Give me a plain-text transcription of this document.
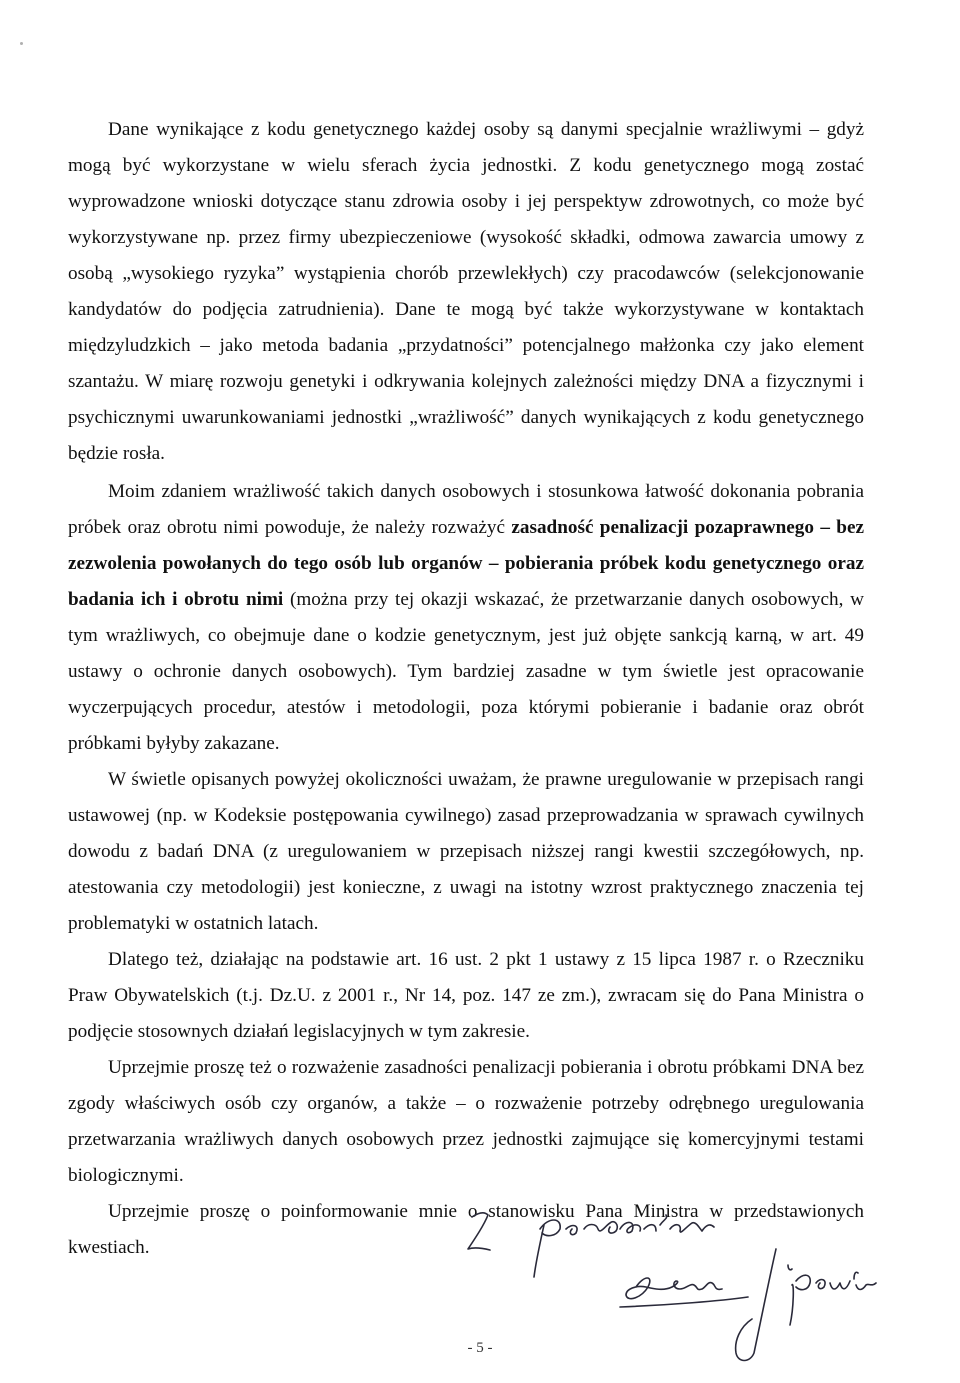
Dane wynikające z kodu genetycznego każdej osoby są danymi specjalnie wrażliwymi – gdyż mogą być wykorzystane w wielu sferach życia jednostki. Z kodu genetycznego mogą zostać wyprowadzone wnioski dotyczące stanu zdrowia osoby i jej perspektyw zdrowotnych, co może być wykorzystywane np. przez firmy ubezpieczeniowe (wysokość składki, odmowa zawarcia umowy z osobą „wysokiego ryzyka” wystąpienia chorób przewlekłych) czy pracodawców (selekcjonowanie kandydatów do podjęcia zatrudnienia). Dane te mogą być także wykorzystywane w kontaktach międzyludzkich – jako metoda badania „przydatności” potencjalnego małżonka czy jako element szantażu. W miarę rozwoju genetyki i odkrywania kolejnych zależności między DNA a fizycznymi i psychicznymi uwarunkowaniami jednostki „wrażliwość” danych wynikających z kodu genetycznego będzie rosła.

Moim zdaniem wrażliwość takich danych osobowych i stosunkowa łatwość dokonania pobrania próbek oraz obrotu nimi powoduje, że należy rozważyć zasadność penalizacji pozaprawnego – bez zezwolenia powołanych do tego osób lub organów – pobierania próbek kodu genetycznego oraz badania ich i obrotu nimi (można przy tej okazji wskazać, że przetwarzanie danych osobowych, w tym wrażliwych, co obejmuje dane o kodzie genetycznym, jest już objęte sankcją karną, w art. 49 ustawy o ochronie danych osobowych). Tym bardziej zasadne w tym świetle jest opracowanie wyczerpujących procedur, atestów i metodologii, poza którymi pobieranie i badanie oraz obrót próbkami byłyby zakazane.

W świetle opisanych powyżej okoliczności uważam, że prawne uregulowanie w przepisach rangi ustawowej (np. w Kodeksie postępowania cywilnego) zasad przeprowadzania w sprawach cywilnych dowodu z badań DNA (z uregulowaniem w przepisach niższej rangi kwestii szczegółowych, np. atestowania czy metodologii) jest konieczne, z uwagi na istotny wzrost praktycznego znaczenia tej problematyki w ostatnich latach.

Dlatego też, działając na podstawie art. 16 ust. 2 pkt 1 ustawy z 15 lipca 1987 r. o Rzeczniku Praw Obywatelskich (t.j. Dz.U. z 2001 r., Nr 14, poz. 147 ze zm.), zwracam się do Pana Ministra o podjęcie stosownych działań legislacyjnych w tym zakresie.

Uprzejmie proszę też o rozważenie zasadności penalizacji pobierania i obrotu próbkami DNA bez zgody właściwych osób czy organów, a także – o rozważenie potrzeby odrębnego uregulowania przetwarzania wrażliwych danych osobowych przez jednostki zajmujące się komercyjnymi testami biologicznymi.

Uprzejmie proszę o poinformowanie mnie o stanowisku Pana Ministra w przedstawionych kwestiach.

- 5 -
